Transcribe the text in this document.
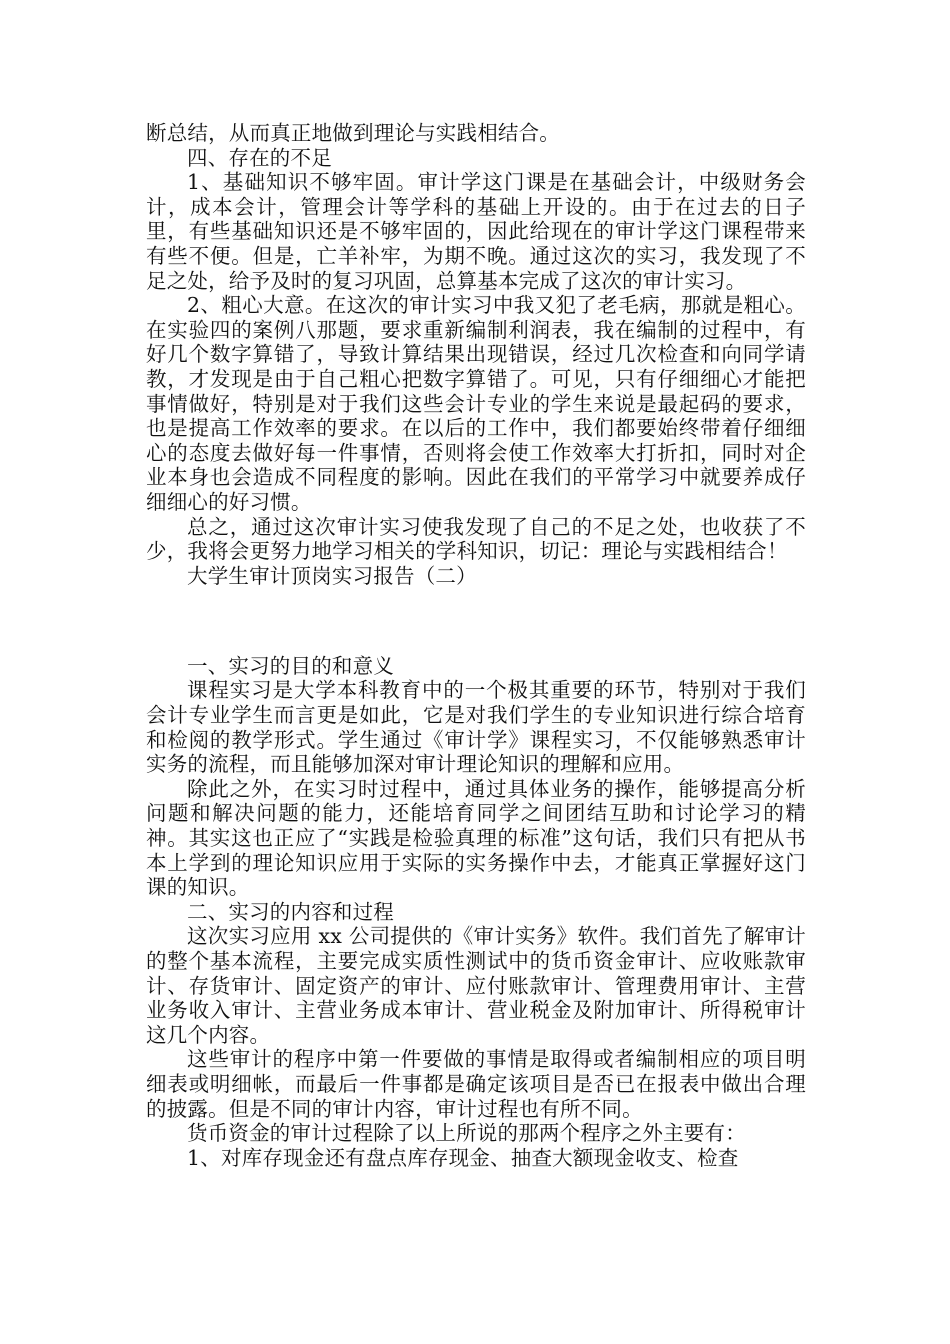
断总结，从而真正地做到理论与实践相结合。

四、存在的不足

1、基础知识不够牢固。审计学这门课是在基础会计，中级财务会计，成本会计，管理会计等学科的基础上开设的。由于在过去的日子里，有些基础知识还是不够牢固的，因此给现在的审计学这门课程带来有些不便。但是，亡羊补牢，为期不晚。通过这次的实习，我发现了不足之处，给予及时的复习巩固，总算基本完成了这次的审计实习。

2、粗心大意。在这次的审计实习中我又犯了老毛病，那就是粗心。在实验四的案例八那题，要求重新编制利润表，我在编制的过程中，有好几个数字算错了，导致计算结果出现错误，经过几次检查和向同学请教，才发现是由于自己粗心把数字算错了。可见，只有仔细细心才能把事情做好，特别是对于我们这些会计专业的学生来说是最起码的要求，也是提高工作效率的要求。在以后的工作中，我们都要始终带着仔细细心的态度去做好每一件事情，否则将会使工作效率大打折扣，同时对企业本身也会造成不同程度的影响。因此在我们的平常学习中就要养成仔细细心的好习惯。

总之，通过这次审计实习使我发现了自己的不足之处，也收获了不少，我将会更努力地学习相关的学科知识，切记：理论与实践相结合！

大学生审计顶岗实习报告（二）

一、实习的目的和意义

课程实习是大学本科教育中的一个极其重要的环节，特别对于我们会计专业学生而言更是如此，它是对我们学生的专业知识进行综合培育和检阅的教学形式。学生通过《审计学》课程实习，不仅能够熟悉审计实务的流程，而且能够加深对审计理论知识的理解和应用。

除此之外，在实习时过程中，通过具体业务的操作，能够提高分析问题和解决问题的能力，还能培育同学之间团结互助和讨论学习的精神。其实这也正应了“实践是检验真理的标准”这句话，我们只有把从书本上学到的理论知识应用于实际的实务操作中去，才能真正掌握好这门课的知识。

二、实习的内容和过程

这次实习应用 xx 公司提供的《审计实务》软件。我们首先了解审计的整个基本流程，主要完成实质性测试中的货币资金审计、应收账款审计、存货审计、固定资产的审计、应付账款审计、管理费用审计、主营业务收入审计、主营业务成本审计、营业税金及附加审计、所得税审计这几个内容。

这些审计的程序中第一件要做的事情是取得或者编制相应的项目明细表或明细帐，而最后一件事都是确定该项目是否已在报表中做出合理的披露。但是不同的审计内容，审计过程也有所不同。

货币资金的审计过程除了以上所说的那两个程序之外主要有：

1、对库存现金还有盘点库存现金、抽查大额现金收支、检查
